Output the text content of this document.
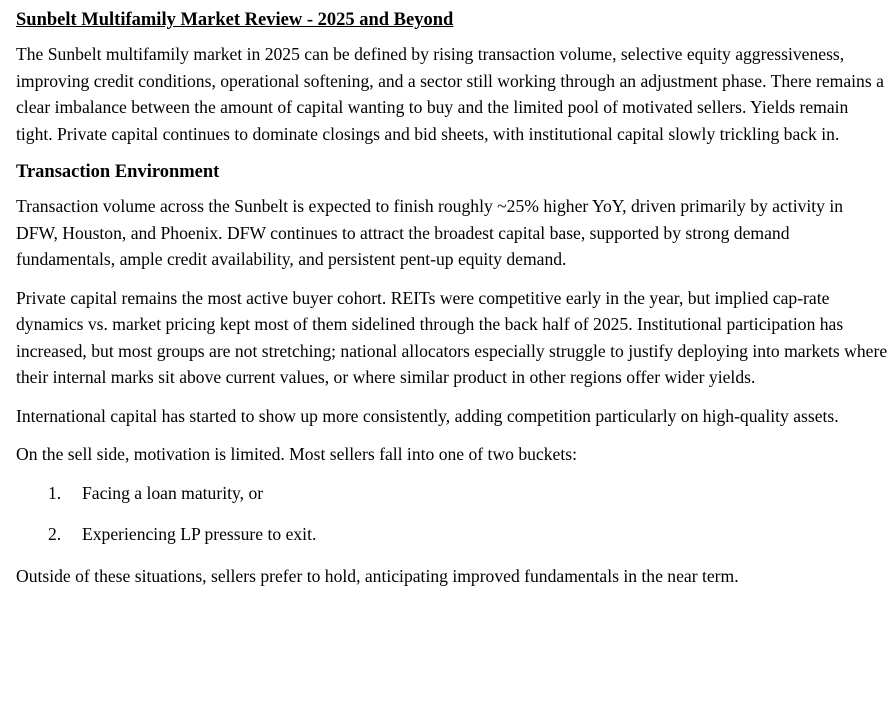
Sunbelt Multifamily Market Review - 2025 and Beyond

The Sunbelt multifamily market in 2025 can be defined by rising transaction volume, selective equity aggressiveness, improving credit conditions, operational softening, and a sector still working through an adjustment phase. There remains a clear imbalance between the amount of capital wanting to buy and the limited pool of motivated sellers. Yields remain tight. Private capital continues to dominate closings and bid sheets, with institutional capital slowly trickling back in.

Transaction Environment

Transaction volume across the Sunbelt is expected to finish roughly ~25% higher YoY, driven primarily by activity in DFW, Houston, and Phoenix. DFW continues to attract the broadest capital base, supported by strong demand fundamentals, ample credit availability, and persistent pent-up equity demand.

Private capital remains the most active buyer cohort. REITs were competitive early in the year, but implied cap-rate dynamics vs. market pricing kept most of them sidelined through the back half of 2025. Institutional participation has increased, but most groups are not stretching; national allocators especially struggle to justify deploying into markets where their internal marks sit above current values, or where similar product in other regions offer wider yields.

International capital has started to show up more consistently, adding competition particularly on high-quality assets.

On the sell side, motivation is limited. Most sellers fall into one of two buckets:

1.	Facing a loan maturity, or
2.	Experiencing LP pressure to exit.

Outside of these situations, sellers prefer to hold, anticipating improved fundamentals in the near term.
